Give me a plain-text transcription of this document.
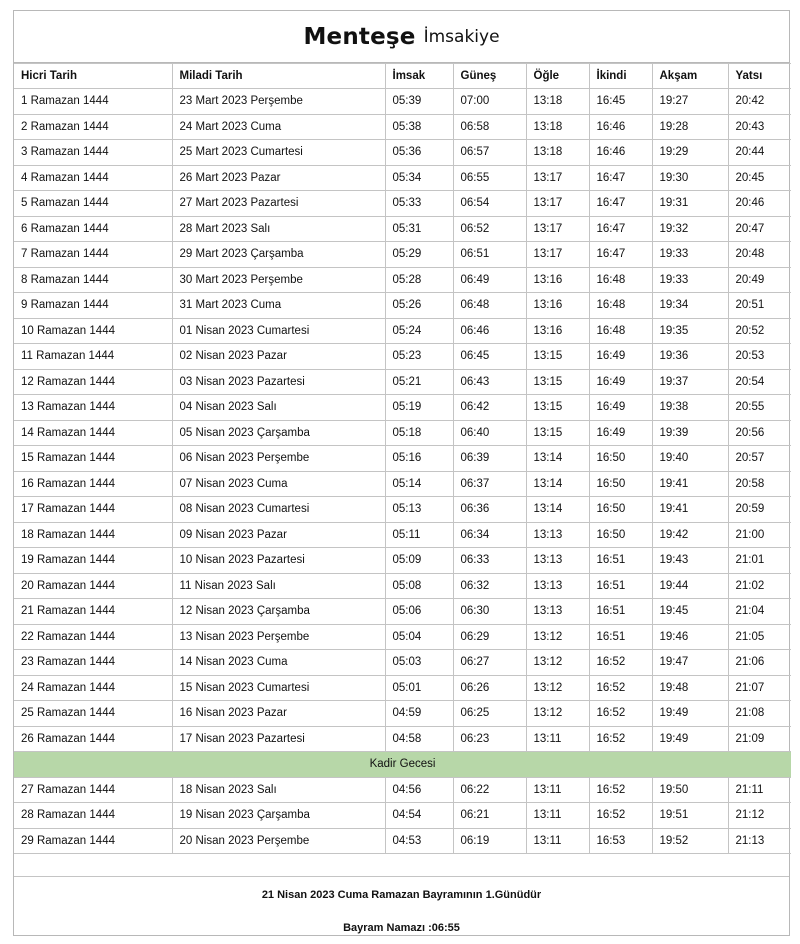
Menteşe İmsakiye
Hicri Tarih	Miladi Tarih	İmsak	Güneş	Öğle	İkindi	Akşam	Yatsı
1 Ramazan 1444	23 Mart 2023 Perşembe	05:39	07:00	13:18	16:45	19:27	20:42
2 Ramazan 1444	24 Mart 2023 Cuma	05:38	06:58	13:18	16:46	19:28	20:43
3 Ramazan 1444	25 Mart 2023 Cumartesi	05:36	06:57	13:18	16:46	19:29	20:44
4 Ramazan 1444	26 Mart 2023 Pazar	05:34	06:55	13:17	16:47	19:30	20:45
5 Ramazan 1444	27 Mart 2023 Pazartesi	05:33	06:54	13:17	16:47	19:31	20:46
6 Ramazan 1444	28 Mart 2023 Salı	05:31	06:52	13:17	16:47	19:32	20:47
7 Ramazan 1444	29 Mart 2023 Çarşamba	05:29	06:51	13:17	16:47	19:33	20:48
8 Ramazan 1444	30 Mart 2023 Perşembe	05:28	06:49	13:16	16:48	19:33	20:49
9 Ramazan 1444	31 Mart 2023 Cuma	05:26	06:48	13:16	16:48	19:34	20:51
10 Ramazan 1444	01 Nisan 2023 Cumartesi	05:24	06:46	13:16	16:48	19:35	20:52
11 Ramazan 1444	02 Nisan 2023 Pazar	05:23	06:45	13:15	16:49	19:36	20:53
12 Ramazan 1444	03 Nisan 2023 Pazartesi	05:21	06:43	13:15	16:49	19:37	20:54
13 Ramazan 1444	04 Nisan 2023 Salı	05:19	06:42	13:15	16:49	19:38	20:55
14 Ramazan 1444	05 Nisan 2023 Çarşamba	05:18	06:40	13:15	16:49	19:39	20:56
15 Ramazan 1444	06 Nisan 2023 Perşembe	05:16	06:39	13:14	16:50	19:40	20:57
16 Ramazan 1444	07 Nisan 2023 Cuma	05:14	06:37	13:14	16:50	19:41	20:58
17 Ramazan 1444	08 Nisan 2023 Cumartesi	05:13	06:36	13:14	16:50	19:41	20:59
18 Ramazan 1444	09 Nisan 2023 Pazar	05:11	06:34	13:13	16:50	19:42	21:00
19 Ramazan 1444	10 Nisan 2023 Pazartesi	05:09	06:33	13:13	16:51	19:43	21:01
20 Ramazan 1444	11 Nisan 2023 Salı	05:08	06:32	13:13	16:51	19:44	21:02
21 Ramazan 1444	12 Nisan 2023 Çarşamba	05:06	06:30	13:13	16:51	19:45	21:04
22 Ramazan 1444	13 Nisan 2023 Perşembe	05:04	06:29	13:12	16:51	19:46	21:05
23 Ramazan 1444	14 Nisan 2023 Cuma	05:03	06:27	13:12	16:52	19:47	21:06
24 Ramazan 1444	15 Nisan 2023 Cumartesi	05:01	06:26	13:12	16:52	19:48	21:07
25 Ramazan 1444	16 Nisan 2023 Pazar	04:59	06:25	13:12	16:52	19:49	21:08
26 Ramazan 1444	17 Nisan 2023 Pazartesi	04:58	06:23	13:11	16:52	19:49	21:09
Kadir Gecesi							
27 Ramazan 1444	18 Nisan 2023 Salı	04:56	06:22	13:11	16:52	19:50	21:11
28 Ramazan 1444	19 Nisan 2023 Çarşamba	04:54	06:21	13:11	16:52	19:51	21:12
29 Ramazan 1444	20 Nisan 2023 Perşembe	04:53	06:19	13:11	16:53	19:52	21:13
21 Nisan 2023 Cuma Ramazan Bayramının 1.Günüdür
Bayram Namazı :06:55
